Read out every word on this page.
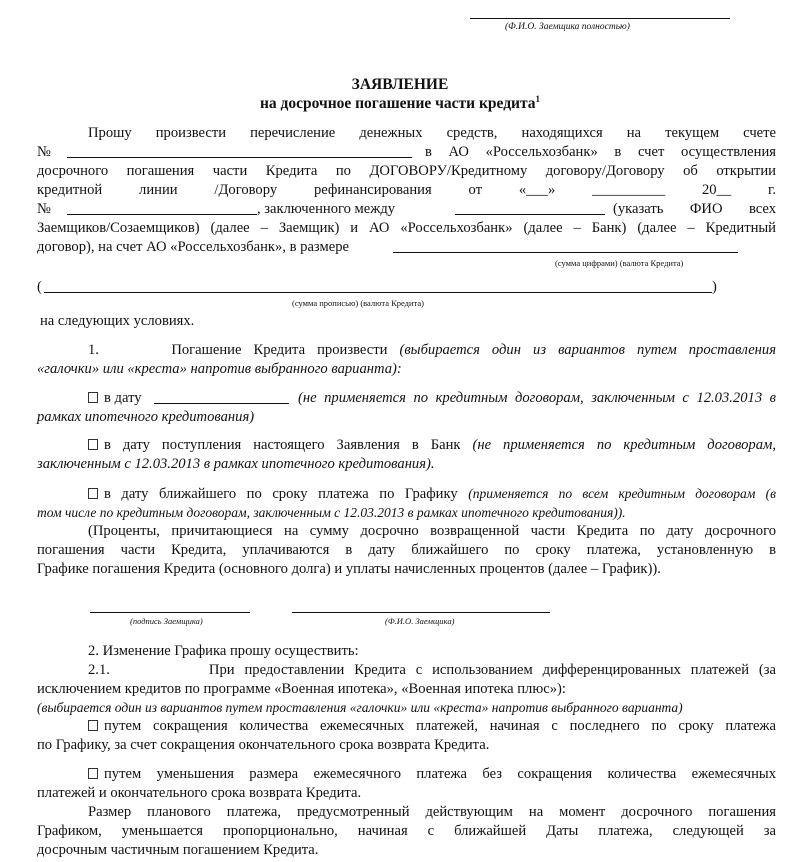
(Ф.И.О. Заемщика полностью)
ЗАЯВЛЕНИЕ
на досрочное погашение части кредита$^1$
Прошу произвести перечисление денежных средств, находящихся на текущем счете
№	в АО «Россельхозбанк» в счет осуществления
досрочного погашения части Кредита по ДОГОВОРУ/Кредитному договору/Договору об открытии
кредитной линии /Договору рефинансирования от «___» __________ 20__ г.
№	, заключенного между	(указать ФИО всех
Заемщиков/Созаемщиков) (далее – Заемщик) и АО «Россельхозбанк» (далее – Банк) (далее – Кредитный
договор), на счет АО «Россельхозбанк», в размере
(сумма цифрами) (валюта Кредита)
(	)
(сумма прописью) (валюта Кредита)
на следующих условиях.
1.	Погашение Кредита произвести (выбирается один из вариантов путем проставления
«галочки» или «креста» напротив выбранного варианта):
в дату	(не применяется по кредитным договорам, заключенным с 12.03.2013 в
рамках ипотечного кредитования)
в дату поступления настоящего Заявления в Банк (не применяется по кредитным договорам,
заключенным с 12.03.2013 в рамках ипотечного кредитования).
в дату ближайшего по сроку платежа по Графику (применяется по всем кредитным договорам (в
том числе по кредитным договорам, заключенным с 12.03.2013 в рамках ипотечного кредитования)).
(Проценты, причитающиеся на сумму досрочно возвращенной части Кредита по дату досрочного
погашения части Кредита, уплачиваются в дату ближайшего по сроку платежа, установленную в
Графике погашения Кредита (основного долга) и уплаты начисленных процентов (далее – График)).
(подпись Заемщика)	(Ф.И.О. Заемщика)
2. Изменение Графика прошу осуществить:
2.1.	При предоставлении Кредита с использованием дифференцированных платежей (за
исключением кредитов по программе «Военная ипотека», «Военная ипотека плюс»):
(выбирается один из вариантов путем проставления «галочки» или «креста» напротив выбранного варианта)
путем сокращения количества ежемесячных платежей, начиная с последнего по сроку платежа
по Графику, за счет сокращения окончательного срока возврата Кредита.
путем уменьшения размера ежемесячного платежа без сокращения количества ежемесячных
платежей и окончательного срока возврата Кредита.
Размер планового платежа, предусмотренный действующим на момент досрочного погашения
Графиком, уменьшается пропорционально, начиная с ближайшей Даты платежа, следующей за
досрочным частичным погашением Кредита.
